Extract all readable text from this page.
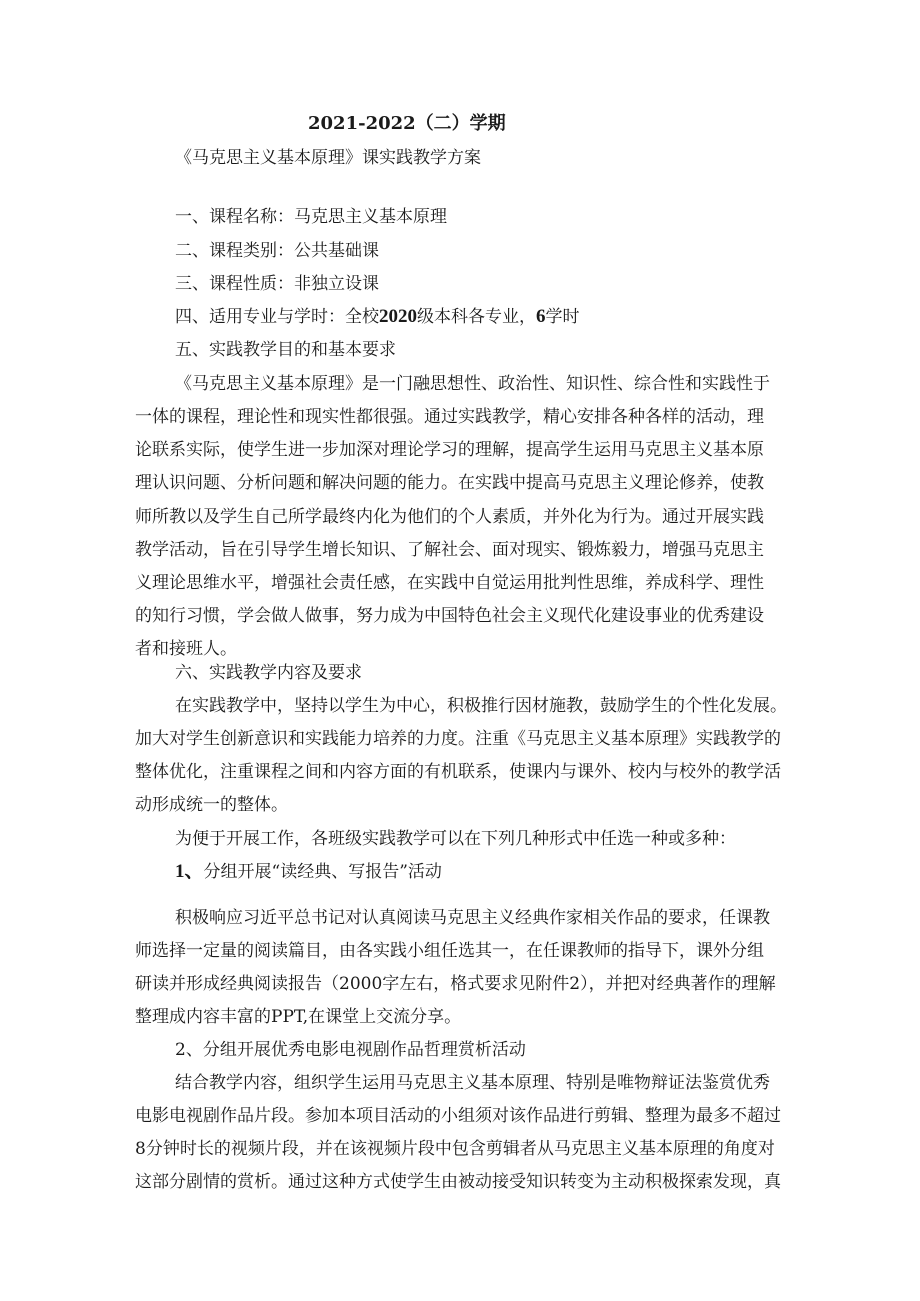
2021-2022（二）学期

《马克思主义基本原理》课实践教学方案

一、课程名称：马克思主义基本原理

二、课程类别：公共基础课

三、课程性质：非独立设课

四、适用专业与学时：全校2020级本科各专业，6学时

五、实践教学目的和基本要求

《马克思主义基本原理》是一门融思想性、政治性、知识性、综合性和实践性于

一体的课程，理论性和现实性都很强。通过实践教学，精心安排各种各样的活动，理

论联系实际，使学生进一步加深对理论学习的理解，提高学生运用马克思主义基本原

理认识问题、分析问题和解决问题的能力。在实践中提高马克思主义理论修养，使教

师所教以及学生自己所学最终内化为他们的个人素质，并外化为行为。通过开展实践

教学活动，旨在引导学生增长知识、了解社会、面对现实、锻炼毅力，增强马克思主

义理论思维水平，增强社会责任感，在实践中自觉运用批判性思维，养成科学、理性

的知行习惯，学会做人做事，努力成为中国特色社会主义现代化建设事业的优秀建设

者和接班人。

六、实践教学内容及要求

在实践教学中，坚持以学生为中心，积极推行因材施教，鼓励学生的个性化发展。

加大对学生创新意识和实践能力培养的力度。注重《马克思主义基本原理》实践教学的

整体优化，注重课程之间和内容方面的有机联系，使课内与课外、校内与校外的教学活

动形成统一的整体。

为便于开展工作，各班级实践教学可以在下列几种形式中任选一种或多种：

1、分组开展“读经典、写报告”活动

积极响应习近平总书记对认真阅读马克思主义经典作家相关作品的要求，任课教

师选择一定量的阅读篇目，由各实践小组任选其一，在任课教师的指导下，课外分组

研读并形成经典阅读报告（2000字左右，格式要求见附件2），并把对经典著作的理解

整理成内容丰富的PPT,在课堂上交流分享。

2、分组开展优秀电影电视剧作品哲理赏析活动

结合教学内容，组织学生运用马克思主义基本原理、特别是唯物辩证法鉴赏优秀

电影电视剧作品片段。参加本项目活动的小组须对该作品进行剪辑、整理为最多不超过

8分钟时长的视频片段，并在该视频片段中包含剪辑者从马克思主义基本原理的角度对

这部分剧情的赏析。通过这种方式使学生由被动接受知识转变为主动积极探索发现，真
